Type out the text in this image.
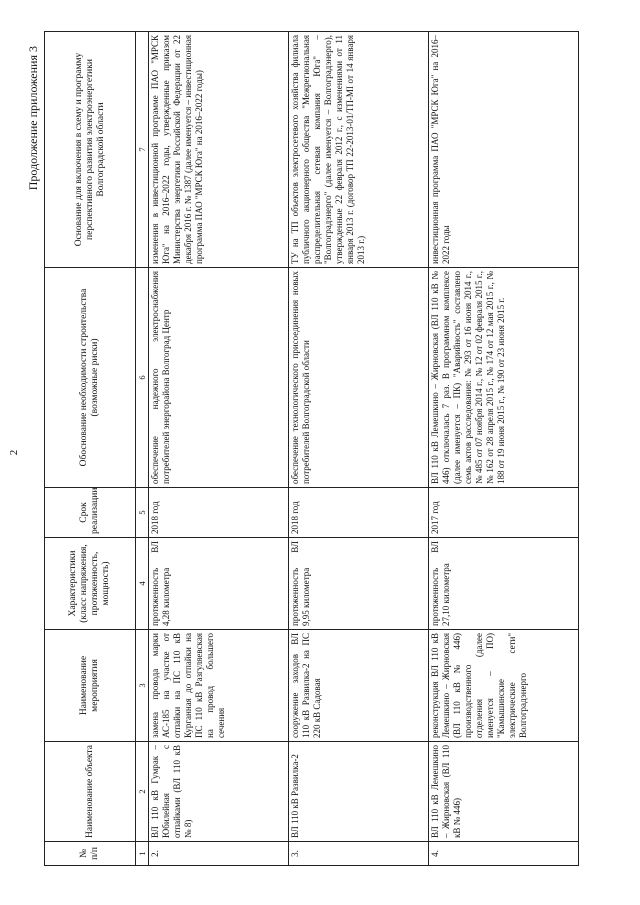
2
Продолжение приложения 3
№ п/п	Наименование объекта	Наименование мероприятия	Характеристики (класс напряжения, протяженность, мощность)	Срок реализации	Обоснование необходимости строительства (возможные риски)	Основание для включения в схему и программу перспективного развития электроэнергетики Волгоградской области
1	2	3	4	5	6	7
2.	ВЛ 110 кВ Гумрак – Юбилейная с отпайками (ВЛ 110 кВ № 8)	замена провода марки АС-185 на участке от отпайки на ПС 110 кВ Курганная до отпайки на ПС 110 кВ Разгуляевская на провод большего сечения	протяженность ВЛ 4,28 километра	2018 год	обеспечение надежного электроснабжения потребителей энергорайона Волгоград Центр	изменения в инвестиционной программе ПАО "МРСК Юга" на 2016–2022 годы, утвержденные приказом Министерства энергетики Российской Федерации от 22 декабря 2016 г. № 1387 (далее именуется – инвестиционная программа ПАО "МРСК Юга" на 2016–2022 годы)
3.	ВЛ 110 кВ Развилка-2	сооружение заходов ВЛ 110 кВ Развилка-2 на ПС 220 кВ Садовая	протяженность ВЛ 9,95 километра	2018 год	обеспечение технологического присоединения новых потребителей Волгоградской области	ТУ на ТП объектов электросетевого хозяйства филиала публичного акционерного общества "Межрегиональная распределительная сетевая компания Юга" – "Волгоградэнерго" (далее именуется – Волгоградэнерго), утвержденные 22 февраля 2012 г., с изменениями от 11 января 2013 г. (договор ТП 22-2013-01/ТП-МI от 14 января 2013 г.)
4.	ВЛ 110 кВ Лемешкино – Жирновская (ВЛ 110 кВ № 446)	реконструкция ВЛ 110 кВ Лемешкино – Жирновская (ВЛ 110 кВ № 446) производственного отделения (далее именуется – ПО) "Камышинские электрические сети" Волгоградэнерго	протяженность ВЛ 27,10 километра	2017 год	ВЛ 110 кВ Лемешкино – Жирновская (ВЛ 110 кВ № 446) отключалась 7 раз. В программном комплексе (далее именуется – ПК) "Аварийность" составлено семь актов расследования: № 293 от 16 июня 2014 г., № 485 от 07 ноября 2014 г., № 12 от 02 февраля 2015 г., № 162 от 28 апреля 2015 г., № 174 от 12 мая 2015 г., № 188 от 19 июня 2015 г., № 190 от 23 июня 2015 г.	инвестиционная программа ПАО "МРСК Юга" на 2016–2022 годы
